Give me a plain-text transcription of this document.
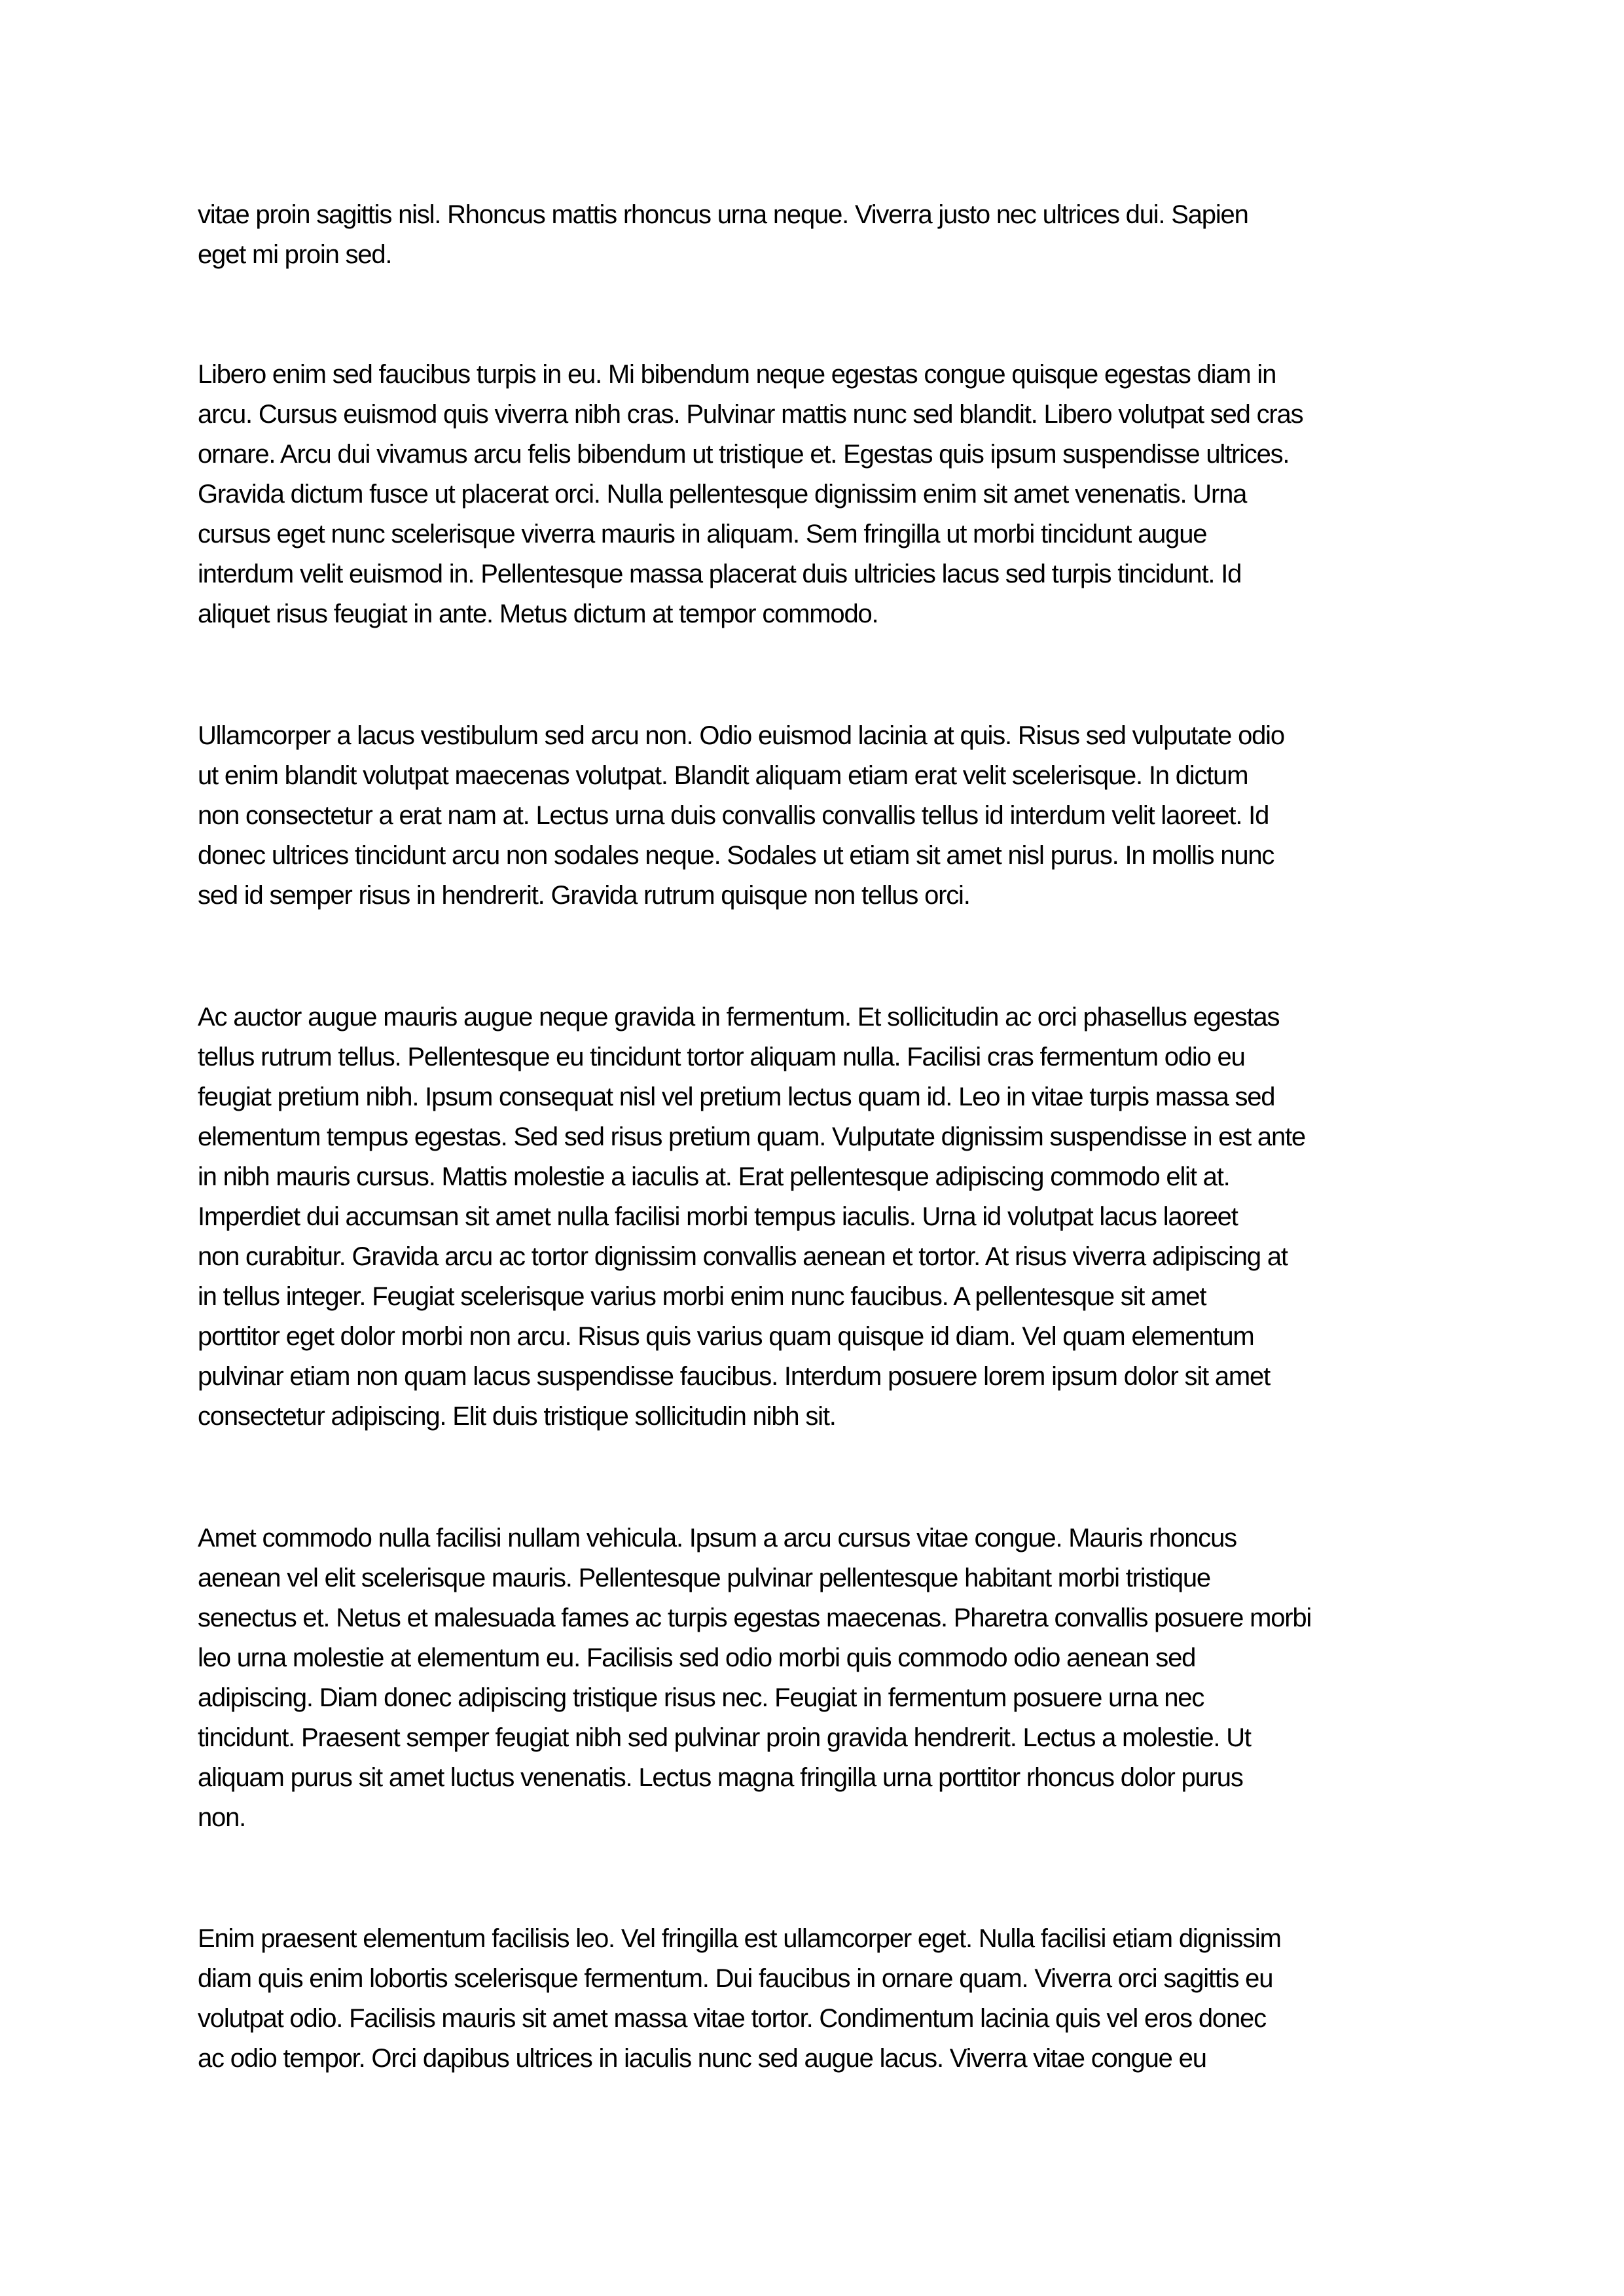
vitae proin sagittis nisl. Rhoncus mattis rhoncus urna neque. Viverra justo nec ultrices dui. Sapien
eget mi proin sed.
Libero enim sed faucibus turpis in eu. Mi bibendum neque egestas congue quisque egestas diam in
arcu. Cursus euismod quis viverra nibh cras. Pulvinar mattis nunc sed blandit. Libero volutpat sed cras
ornare. Arcu dui vivamus arcu felis bibendum ut tristique et. Egestas quis ipsum suspendisse ultrices.
Gravida dictum fusce ut placerat orci. Nulla pellentesque dignissim enim sit amet venenatis. Urna
cursus eget nunc scelerisque viverra mauris in aliquam. Sem fringilla ut morbi tincidunt augue
interdum velit euismod in. Pellentesque massa placerat duis ultricies lacus sed turpis tincidunt. Id
aliquet risus feugiat in ante. Metus dictum at tempor commodo.
Ullamcorper a lacus vestibulum sed arcu non. Odio euismod lacinia at quis. Risus sed vulputate odio
ut enim blandit volutpat maecenas volutpat. Blandit aliquam etiam erat velit scelerisque. In dictum
non consectetur a erat nam at. Lectus urna duis convallis convallis tellus id interdum velit laoreet. Id
donec ultrices tincidunt arcu non sodales neque. Sodales ut etiam sit amet nisl purus. In mollis nunc
sed id semper risus in hendrerit. Gravida rutrum quisque non tellus orci.
Ac auctor augue mauris augue neque gravida in fermentum. Et sollicitudin ac orci phasellus egestas
tellus rutrum tellus. Pellentesque eu tincidunt tortor aliquam nulla. Facilisi cras fermentum odio eu
feugiat pretium nibh. Ipsum consequat nisl vel pretium lectus quam id. Leo in vitae turpis massa sed
elementum tempus egestas. Sed sed risus pretium quam. Vulputate dignissim suspendisse in est ante
in nibh mauris cursus. Mattis molestie a iaculis at. Erat pellentesque adipiscing commodo elit at.
Imperdiet dui accumsan sit amet nulla facilisi morbi tempus iaculis. Urna id volutpat lacus laoreet
non curabitur. Gravida arcu ac tortor dignissim convallis aenean et tortor. At risus viverra adipiscing at
in tellus integer. Feugiat scelerisque varius morbi enim nunc faucibus. A pellentesque sit amet
porttitor eget dolor morbi non arcu. Risus quis varius quam quisque id diam. Vel quam elementum
pulvinar etiam non quam lacus suspendisse faucibus. Interdum posuere lorem ipsum dolor sit amet
consectetur adipiscing. Elit duis tristique sollicitudin nibh sit.
Amet commodo nulla facilisi nullam vehicula. Ipsum a arcu cursus vitae congue. Mauris rhoncus
aenean vel elit scelerisque mauris. Pellentesque pulvinar pellentesque habitant morbi tristique
senectus et. Netus et malesuada fames ac turpis egestas maecenas. Pharetra convallis posuere morbi
leo urna molestie at elementum eu. Facilisis sed odio morbi quis commodo odio aenean sed
adipiscing. Diam donec adipiscing tristique risus nec. Feugiat in fermentum posuere urna nec
tincidunt. Praesent semper feugiat nibh sed pulvinar proin gravida hendrerit. Lectus a molestie. Ut
aliquam purus sit amet luctus venenatis. Lectus magna fringilla urna porttitor rhoncus dolor purus
non.
Enim praesent elementum facilisis leo. Vel fringilla est ullamcorper eget. Nulla facilisi etiam dignissim
diam quis enim lobortis scelerisque fermentum. Dui faucibus in ornare quam. Viverra orci sagittis eu
volutpat odio. Facilisis mauris sit amet massa vitae tortor. Condimentum lacinia quis vel eros donec
ac odio tempor. Orci dapibus ultrices in iaculis nunc sed augue lacus. Viverra vitae congue eu
